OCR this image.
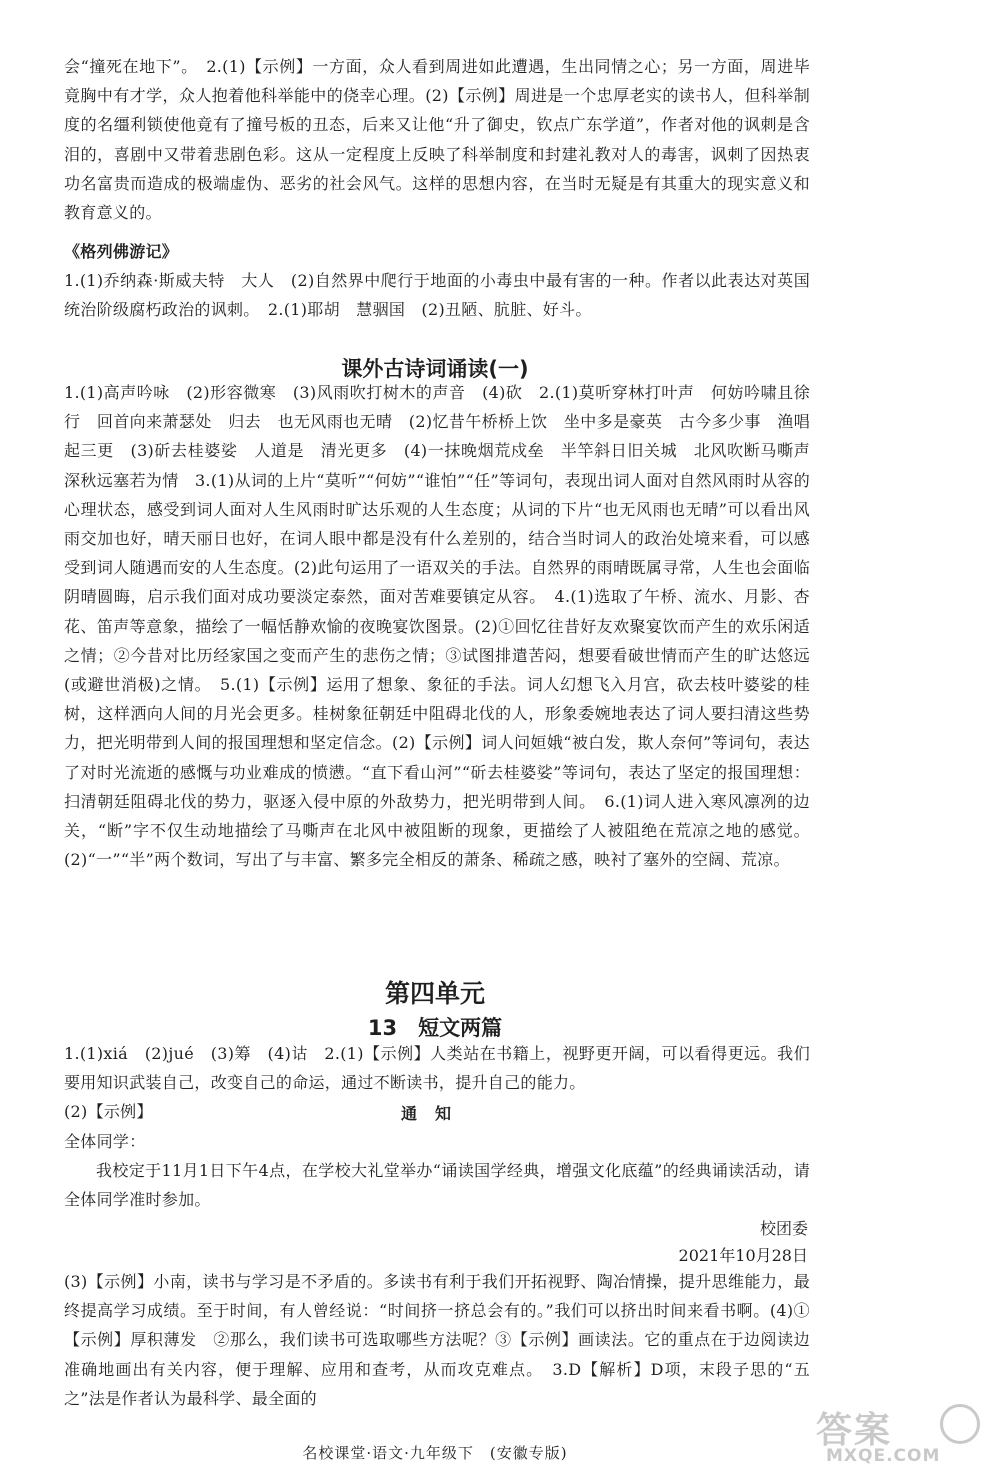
会“撞死在地下”。　2.(1)【示例】一方面，众人看到周进如此遭遇，生出同情之心；另一方面，周进毕竟胸中有才学，众人抱着他科举能中的侥幸心理。(2)【示例】周进是一个忠厚老实的读书人，但科举制度的名缰利锁使他竟有了撞号板的丑态，后来又让他“升了御史，钦点广东学道”，作者对他的讽刺是含泪的，喜剧中又带着悲剧色彩。这从一定程度上反映了科举制度和封建礼教对人的毒害，讽刺了因热衷功名富贵而造成的极端虚伪、恶劣的社会风气。这样的思想内容，在当时无疑是有其重大的现实意义和教育意义的。

《格列佛游记》

1.(1)乔纳森·斯威夫特　大人　(2)自然界中爬行于地面的小毒虫中最有害的一种。作者以此表达对英国统治阶级腐朽政治的讽刺。　2.(1)耶胡　慧骃国　(2)丑陋、肮脏、好斗。

课外古诗词诵读(一)

1.(1)高声吟咏　(2)形容微寒　(3)风雨吹打树木的声音　(4)砍　2.(1)莫听穿林打叶声　何妨吟啸且徐行　回首向来萧瑟处　归去　也无风雨也无晴　(2)忆昔午桥桥上饮　坐中多是豪英　古今多少事　渔唱起三更　(3)斫去桂婆娑　人道是　清光更多　(4)一抹晚烟荒戍垒　半竿斜日旧关城　北风吹断马嘶声　深秋远塞若为情　3.(1)从词的上片“莫听”“何妨”“谁怕”“任”等词句，表现出词人面对自然风雨时从容的心理状态，感受到词人面对人生风雨时旷达乐观的人生态度；从词的下片“也无风雨也无晴”可以看出风雨交加也好，晴天丽日也好，在词人眼中都是没有什么差别的，结合当时词人的政治处境来看，可以感受到词人随遇而安的人生态度。(2)此句运用了一语双关的手法。自然界的雨晴既属寻常，人生也会面临阴晴圆晦，启示我们面对成功要淡定泰然，面对苦难要镇定从容。　4.(1)选取了午桥、流水、月影、杏花、笛声等意象，描绘了一幅恬静欢愉的夜晚宴饮图景。(2)①回忆往昔好友欢聚宴饮而产生的欢乐闲适之情；②今昔对比历经家国之变而产生的悲伤之情；③试图排遣苦闷，想要看破世情而产生的旷达悠远(或避世消极)之情。　5.(1)【示例】运用了想象、象征的手法。词人幻想飞入月宫，砍去枝叶婆娑的桂树，这样洒向人间的月光会更多。桂树象征朝廷中阻碍北伐的人，形象委婉地表达了词人要扫清这些势力，把光明带到人间的报国理想和坚定信念。(2)【示例】词人问姮娥“被白发，欺人奈何”等词句，表达了对时光流逝的感慨与功业难成的愤懑。“直下看山河”“斫去桂婆娑”等词句，表达了坚定的报国理想：扫清朝廷阻碍北伐的势力，驱逐入侵中原的外敌势力，把光明带到人间。　6.(1)词人进入寒风凛冽的边关，“断”字不仅生动地描绘了马嘶声在北风中被阻断的现象，更描绘了人被阻绝在荒凉之地的感觉。(2)“一”“半”两个数词，写出了与丰富、繁多完全相反的萧条、稀疏之感，映衬了塞外的空阔、荒凉。

第四单元
13　短文两篇

1.(1)xiá　(2)jué　(3)筹　(4)诂　2.(1)【示例】人类站在书籍上，视野更开阔，可以看得更远。我们要用知识武装自己，改变自己的命运，通过不断读书，提升自己的能力。

(2)【示例】	通知

全体同学：

我校定于11月1日下午4点，在学校大礼堂举办“诵读国学经典，增强文化底蕴”的经典诵读活动，请全体同学准时参加。

校团委

2021年10月28日

(3)【示例】小南，读书与学习是不矛盾的。多读书有利于我们开拓视野、陶冶情操，提升思维能力，最终提高学习成绩。至于时间，有人曾经说：“时间挤一挤总会有的。”我们可以挤出时间来看书啊。(4)①【示例】厚积薄发　②那么，我们读书可选取哪些方法呢？③【示例】画读法。它的重点在于边阅读边准确地画出有关内容，便于理解、应用和查考，从而攻克难点。　3.D【解析】D项，末段子思的“五之”法是作者认为最科学、最全面的

名校课堂·语文·九年级下　(安徽专版)

答案
MXQE.COM
